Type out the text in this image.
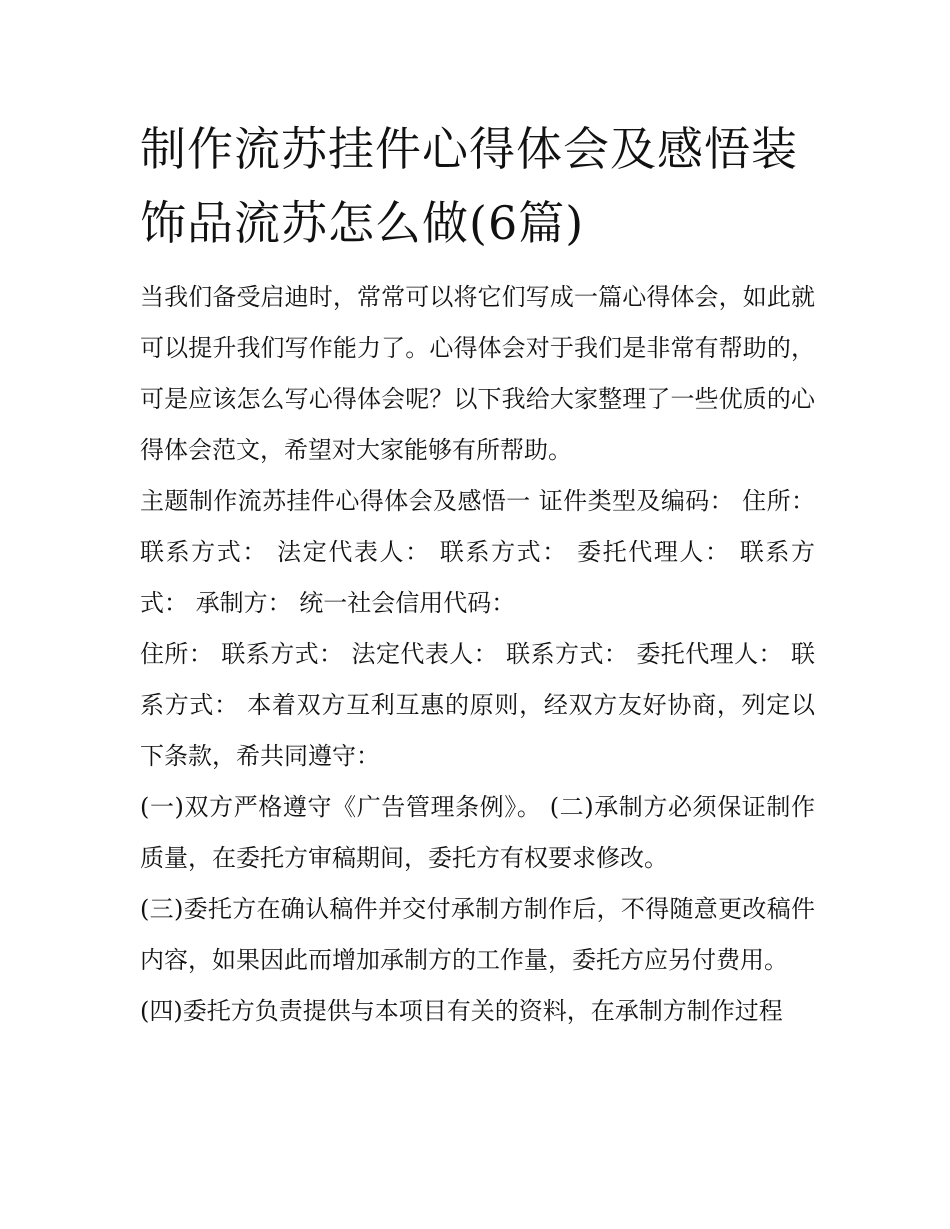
制作流苏挂件心得体会及感悟装饰品流苏怎么做(6篇)

当我们备受启迪时，常常可以将它们写成一篇心得体会，如此就可以提升我们写作能力了。心得体会对于我们是非常有帮助的，可是应该怎么写心得体会呢？以下我给大家整理了一些优质的心得体会范文，希望对大家能够有所帮助。

主题制作流苏挂件心得体会及感悟一 证件类型及编码： 住所： 联系方式： 法定代表人： 联系方式： 委托代理人： 联系方式： 承制方： 统一社会信用代码：

住所： 联系方式： 法定代表人： 联系方式： 委托代理人： 联系方式： 本着双方互利互惠的原则，经双方友好协商，列定以下条款，希共同遵守：

(一)双方严格遵守《广告管理条例》。 (二)承制方必须保证制作质量，在委托方审稿期间，委托方有权要求修改。

(三)委托方在确认稿件并交付承制方制作后，不得随意更改稿件内容，如果因此而增加承制方的工作量，委托方应另付费用。

(四)委托方负责提供与本项目有关的资料，在承制方制作过程
